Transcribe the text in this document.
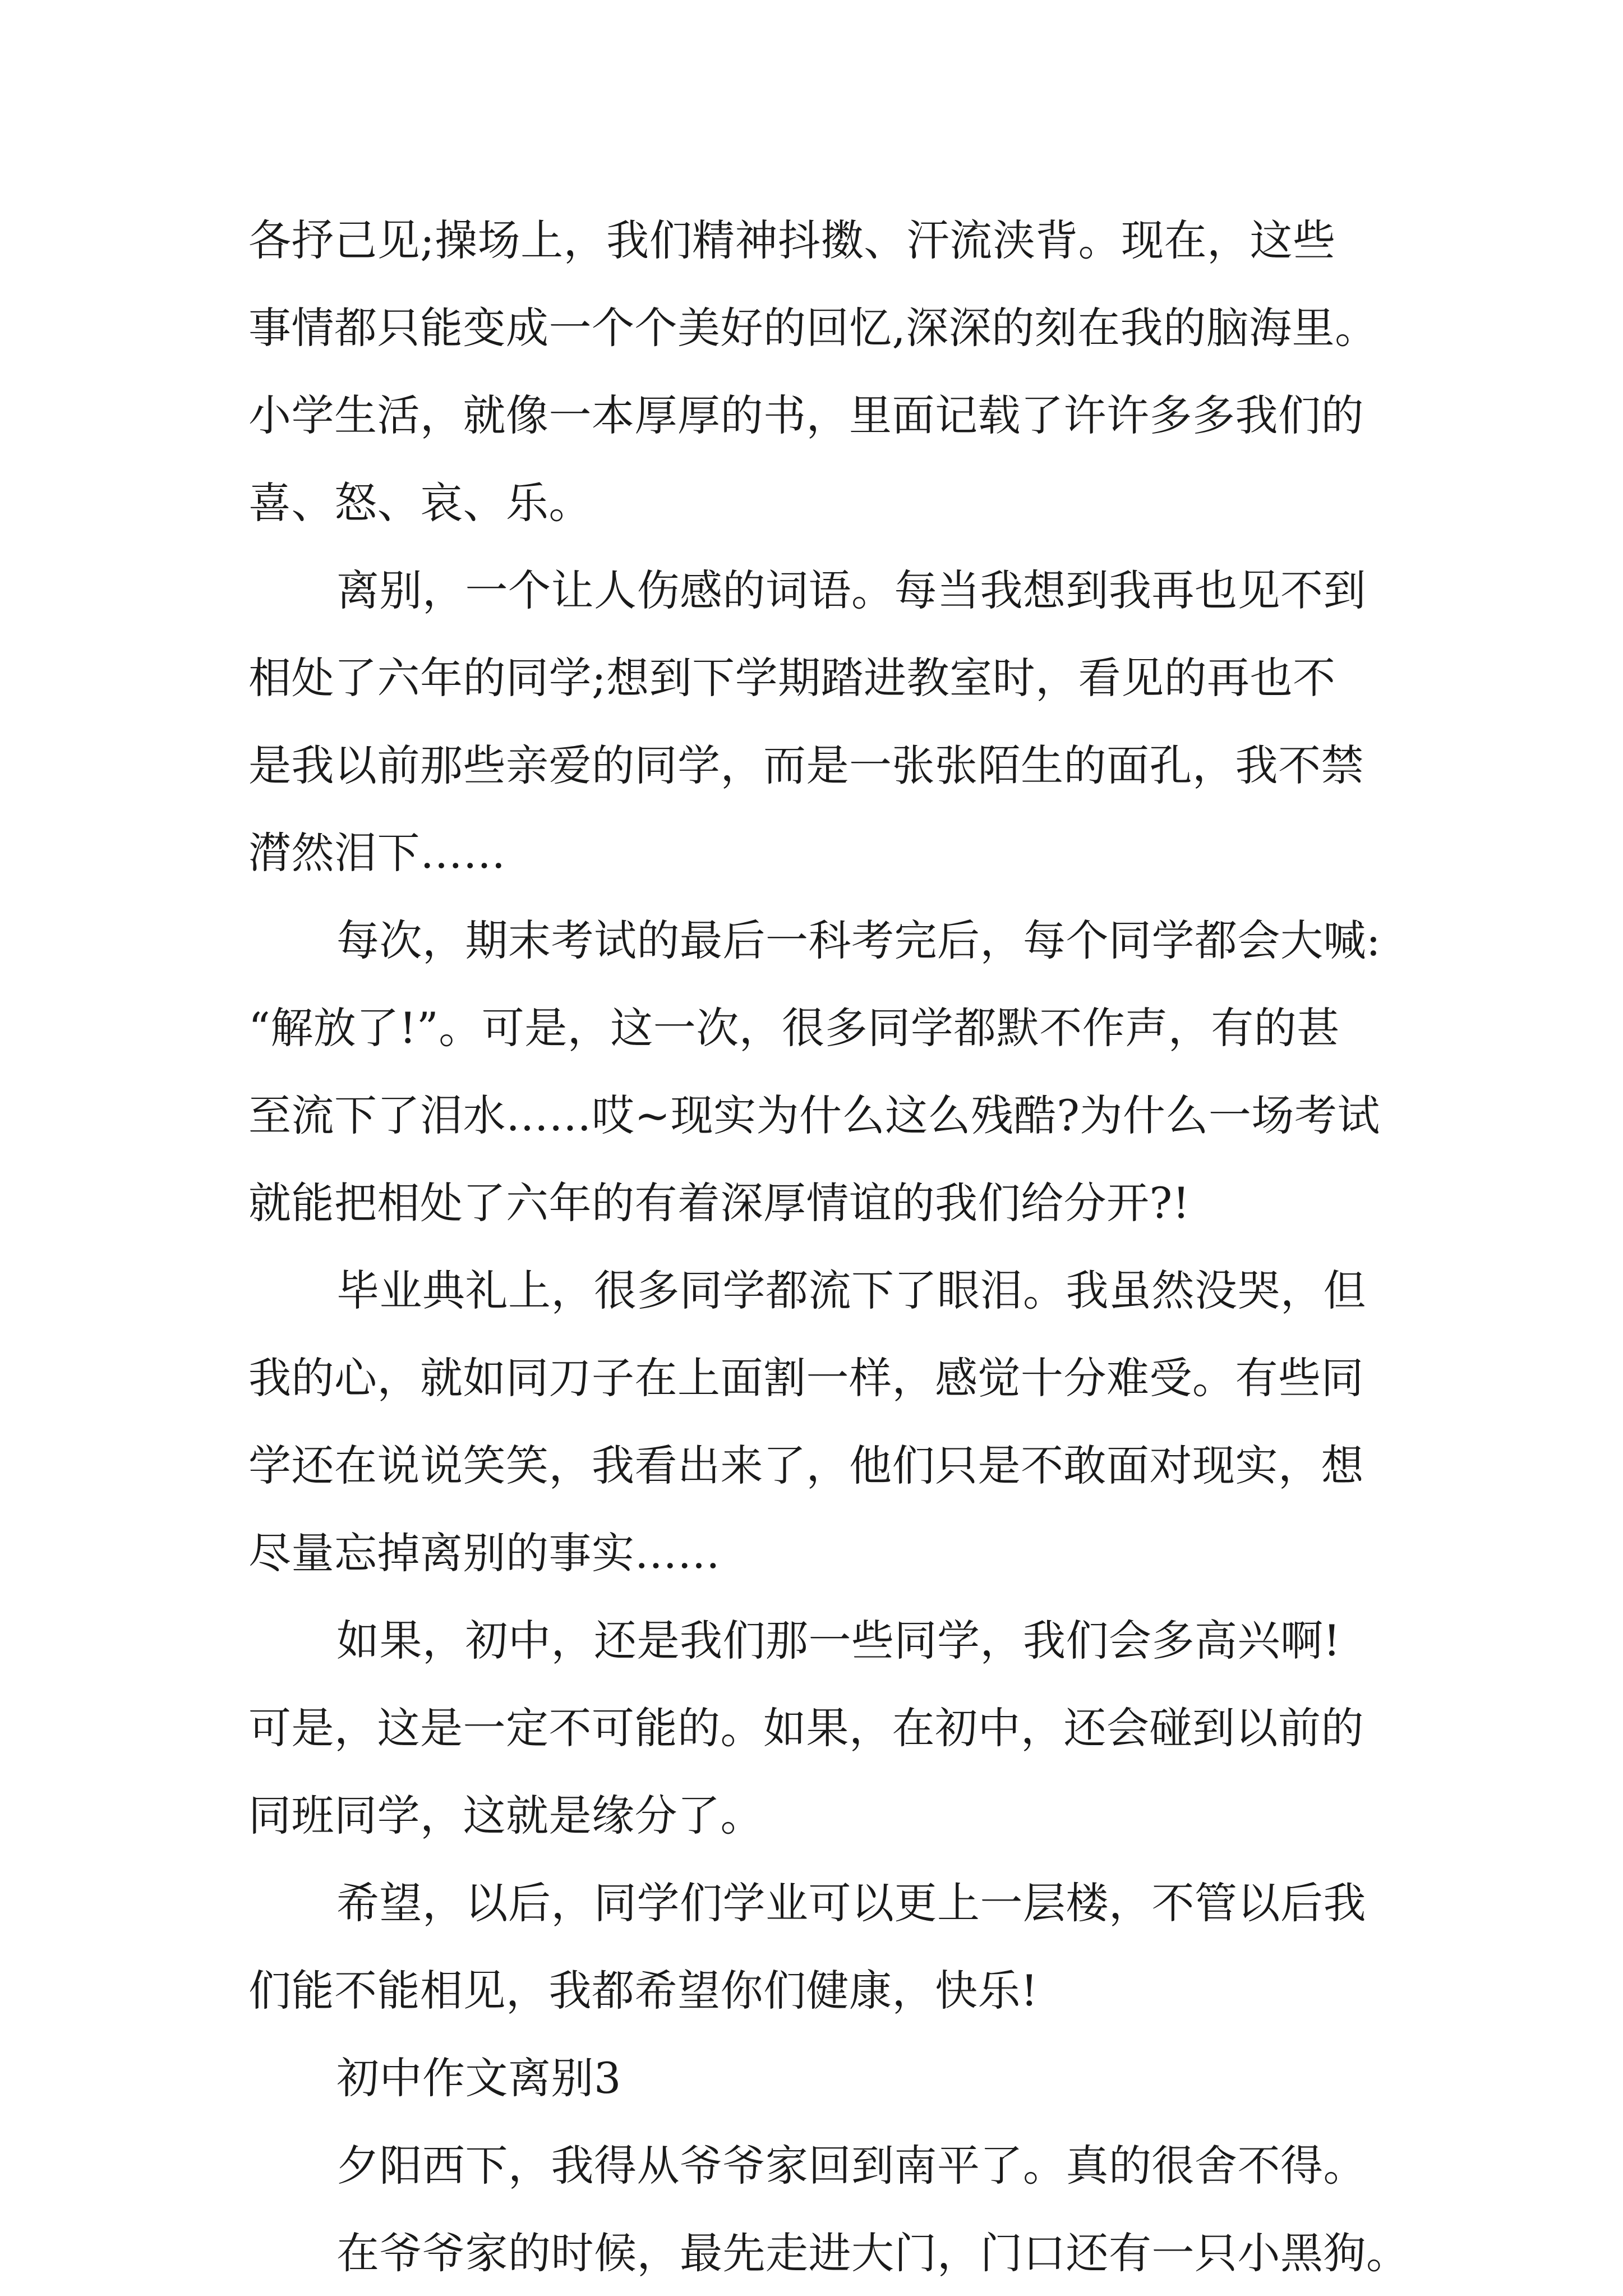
各抒己见;操场上，我们精神抖擞、汗流浃背。现在，这些
事情都只能变成一个个美好的回忆,深深的刻在我的脑海里。
小学生活，就像一本厚厚的书，里面记载了许许多多我们的
喜、怒、哀、乐。
离别，一个让人伤感的词语。每当我想到我再也见不到
相处了六年的同学;想到下学期踏进教室时，看见的再也不
是我以前那些亲爱的同学，而是一张张陌生的面孔，我不禁
潸然泪下……
每次，期末考试的最后一科考完后，每个同学都会大喊:
“解放了!”。可是，这一次，很多同学都默不作声，有的甚
至流下了泪水……哎~现实为什么这么残酷?为什么一场考试
就能把相处了六年的有着深厚情谊的我们给分开?!
毕业典礼上，很多同学都流下了眼泪。我虽然没哭，但
我的心，就如同刀子在上面割一样，感觉十分难受。有些同
学还在说说笑笑，我看出来了，他们只是不敢面对现实，想
尽量忘掉离别的事实……
如果，初中，还是我们那一些同学，我们会多高兴啊!
可是，这是一定不可能的。如果，在初中，还会碰到以前的
同班同学，这就是缘分了。
希望，以后，同学们学业可以更上一层楼，不管以后我
们能不能相见，我都希望你们健康，快乐!
初中作文离别3
夕阳西下，我得从爷爷家回到南平了。真的很舍不得。
在爷爷家的时候，最先走进大门，门口还有一只小黑狗。
